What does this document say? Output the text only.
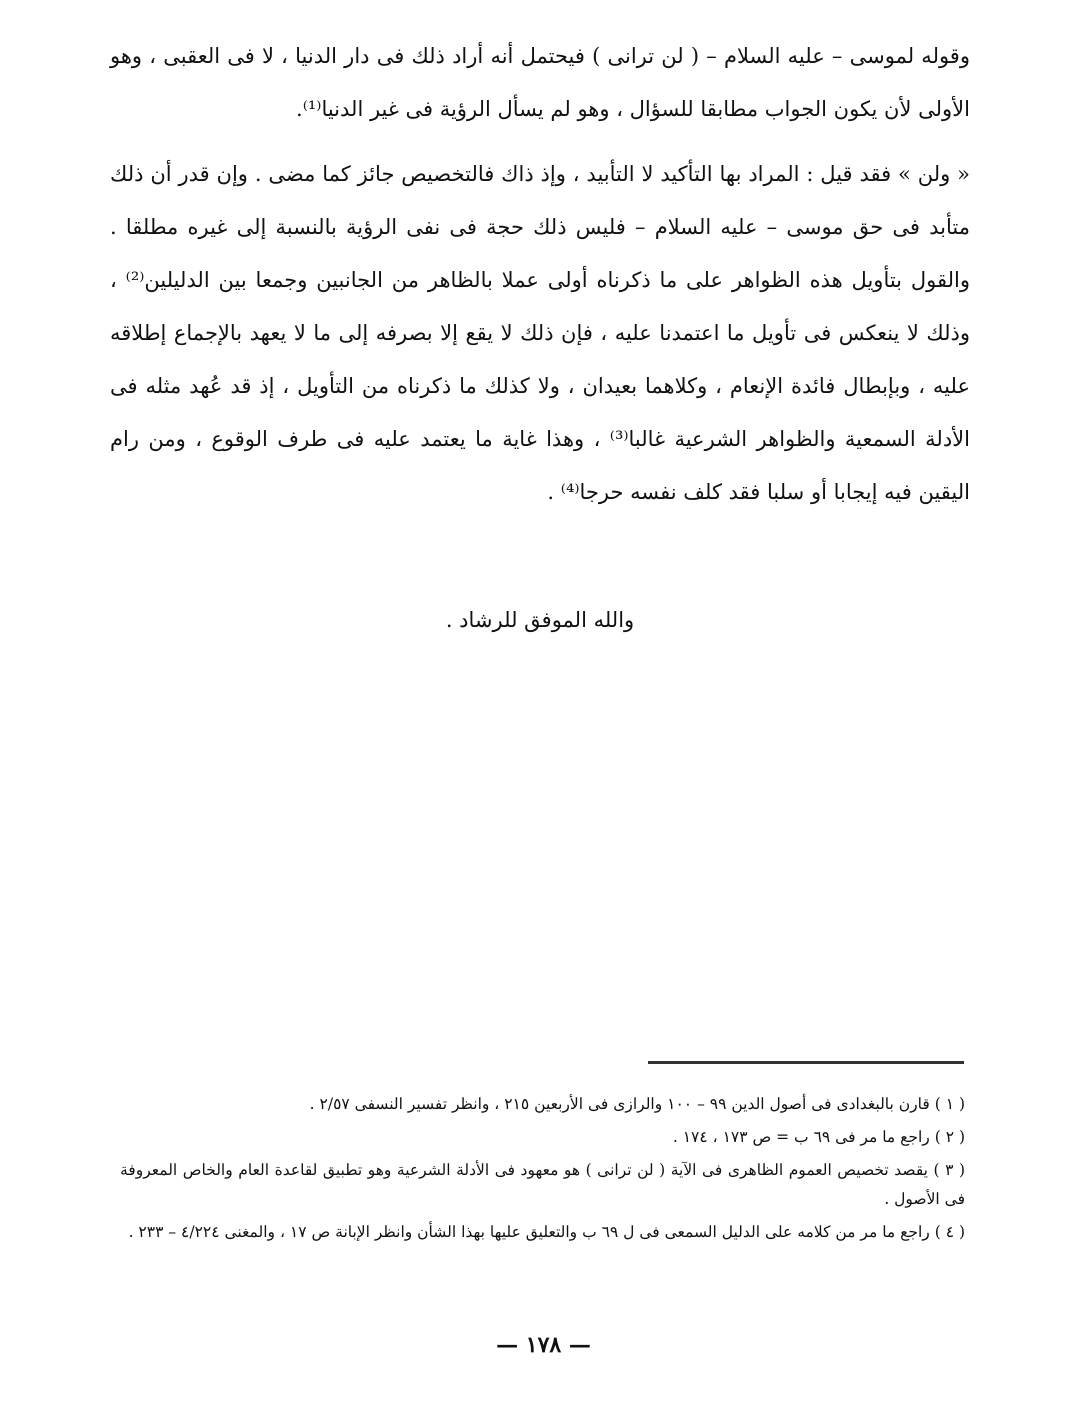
وقوله لموسى – عليه السلام – ( لن ترانى ) فيحتمل أنه أراد ذلك فى دار الدنيا ، لا فى العقبى ، وهو الأولى لأن يكون الجواب مطابقا للسؤال ، وهو لم يسأل الرؤية فى غير الدنيا⁽¹⁾.

« ولن » فقد قيل : المراد بها التأكيد لا التأبيد ، وإذ ذاك فالتخصيص جائز كما مضى . وإن قدر أن ذلك متأبد فى حق موسى – عليه السلام – فليس ذلك حجة فى نفى الرؤية بالنسبة إلى غيره مطلقا . والقول بتأويل هذه الظواهر على ما ذكرناه أولى عملا بالظاهر من الجانبين وجمعا بين الدليلين⁽²⁾ ، وذلك لا ينعكس فى تأويل ما اعتمدنا عليه ، فإن ذلك لا يقع إلا بصرفه إلى ما لا يعهد بالإجماع إطلاقه عليه ، وبإبطال فائدة الإنعام ، وكلاهما بعيدان ، ولا كذلك ما ذكرناه من التأويل ، إذ قد عُهد مثله فى الأدلة السمعية والظواهر الشرعية غالبا⁽³⁾ ، وهذا غاية ما يعتمد عليه فى طرف الوقوع ، ومن رام اليقين فيه إيجابا أو سلبا فقد كلف نفسه حرجا⁽⁴⁾ .

والله الموفق للرشاد .

( ١ ) قارن بالبغدادى فى أصول الدين ٩٩ – ١٠٠ والرازى فى الأربعين ٢١٥ ، وانظر تفسير النسفى ٢/٥٧ .

( ٢ ) راجع ما مر فى ٦٩ ب = ص ١٧٣ ، ١٧٤ .

( ٣ ) يقصد تخصيص العموم الظاهرى فى الآية ( لن ترانى ) هو معهود فى الأدلة الشرعية وهو تطبيق لقاعدة العام والخاص المعروفة فى الأصول .

( ٤ ) راجع ما مر من كلامه على الدليل السمعى فى ل ٦٩ ب والتعليق عليها بهذا الشأن وانظر الإبانة ص ١٧ ، والمغنى ٤/٢٢٤ – ٢٣٣ .

— ١٧٨ —
